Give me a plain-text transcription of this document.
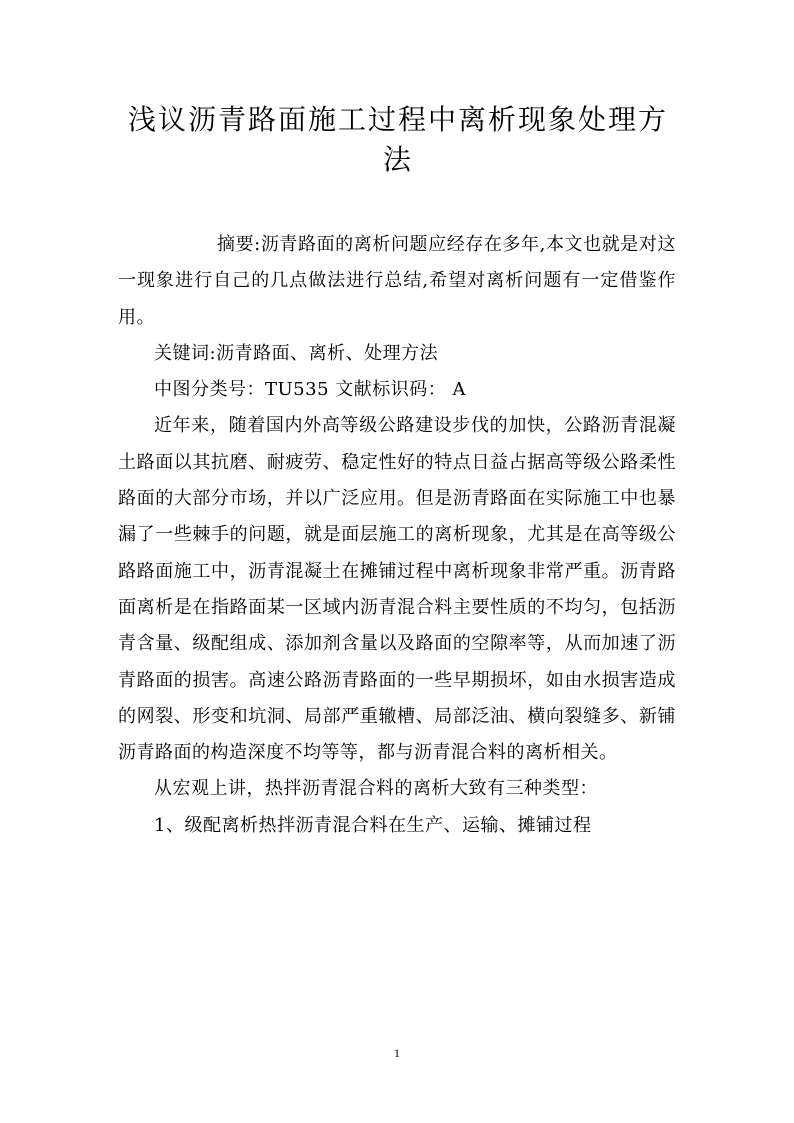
浅议沥青路面施工过程中离析现象处理方
法

摘要:沥青路面的离析问题应经存在多年,本文也就是对这一现象进行自己的几点做法进行总结,希望对离析问题有一定借鉴作用。

关键词:沥青路面、离析、处理方法

中图分类号：TU535 文献标识码： A

近年来，随着国内外高等级公路建设步伐的加快，公路沥青混凝土路面以其抗磨、耐疲劳、稳定性好的特点日益占据高等级公路柔性路面的大部分市场，并以广泛应用。但是沥青路面在实际施工中也暴漏了一些棘手的问题，就是面层施工的离析现象，尤其是在高等级公路路面施工中，沥青混凝土在摊铺过程中离析现象非常严重。沥青路面离析是在指路面某一区域内沥青混合料主要性质的不均匀，包括沥青含量、级配组成、添加剂含量以及路面的空隙率等，从而加速了沥青路面的损害。高速公路沥青路面的一些早期损坏，如由水损害造成的网裂、形变和坑洞、局部严重辙槽、局部泛油、横向裂缝多、新铺沥青路面的构造深度不均等等，都与沥青混合料的离析相关。

从宏观上讲，热拌沥青混合料的离析大致有三种类型：

1、级配离析热拌沥青混合料在生产、运输、摊铺过程

1
